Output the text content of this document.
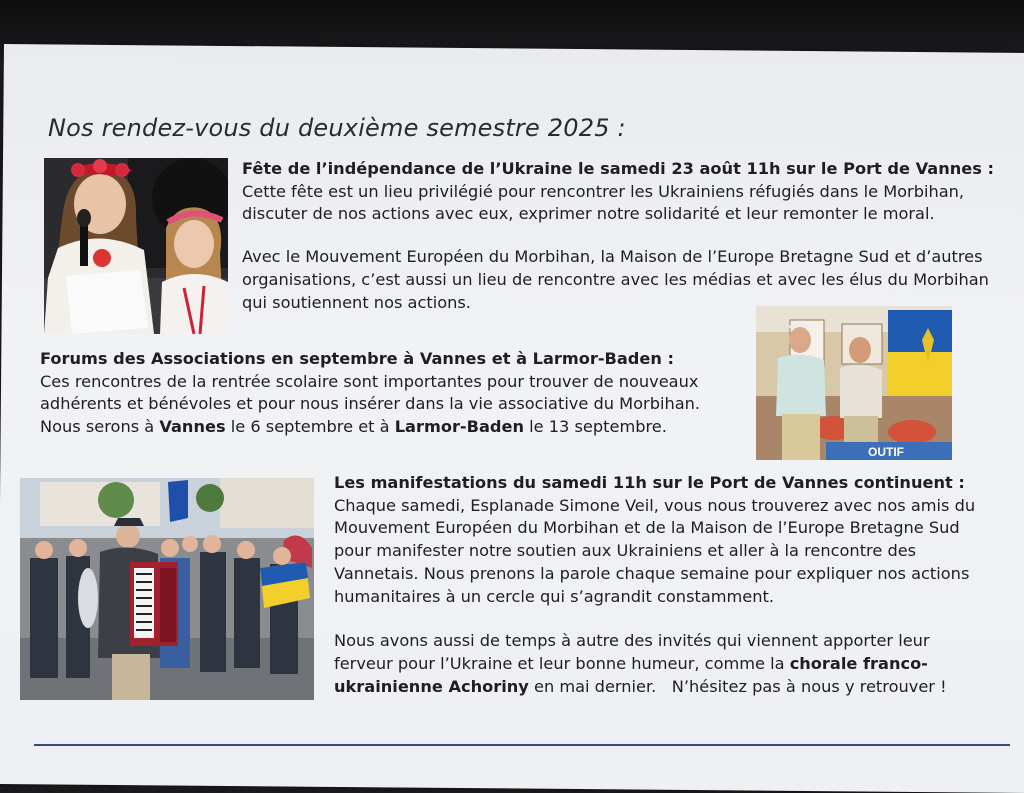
Nos rendez-vous du deuxième semestre 2025 :

Fête de l’indépendance de l’Ukraine le samedi 23 août 11h sur le Port de Vannes :

Cette fête est un lieu privilégié pour rencontrer les Ukrainiens réfugiés dans le Morbihan,

discuter de nos actions avec eux, exprimer notre solidarité et leur remonter le moral.

Avec le Mouvement Européen du Morbihan, la Maison de l’Europe Bretagne Sud et d’autres

organisations, c’est aussi un lieu de rencontre avec les médias et avec les élus du Morbihan

qui soutiennent nos actions.

OUTIF

Forums des Associations en septembre à Vannes et à Larmor-Baden :

Ces rencontres de la rentrée scolaire sont importantes pour trouver de nouveaux

adhérents et bénévoles et pour nous insérer dans la vie associative du Morbihan.

Nous serons à Vannes le 6 septembre et à Larmor-Baden le 13 septembre.

Les manifestations du samedi 11h sur le Port de Vannes continuent :

Chaque samedi, Esplanade Simone Veil, vous nous trouverez avec nos amis du

Mouvement Européen du Morbihan et de la Maison de l’Europe Bretagne Sud

pour manifester notre soutien aux Ukrainiens et aller à la rencontre des

Vannetais. Nous prenons la parole chaque semaine pour expliquer nos actions

humanitaires à un cercle qui s’agrandit constamment.

Nous avons aussi de temps à autre des invités qui viennent apporter leur

ferveur pour l’Ukraine et leur bonne humeur, comme la chorale franco-

ukrainienne Achoriny en mai dernier.   N’hésitez pas à nous y retrouver !
